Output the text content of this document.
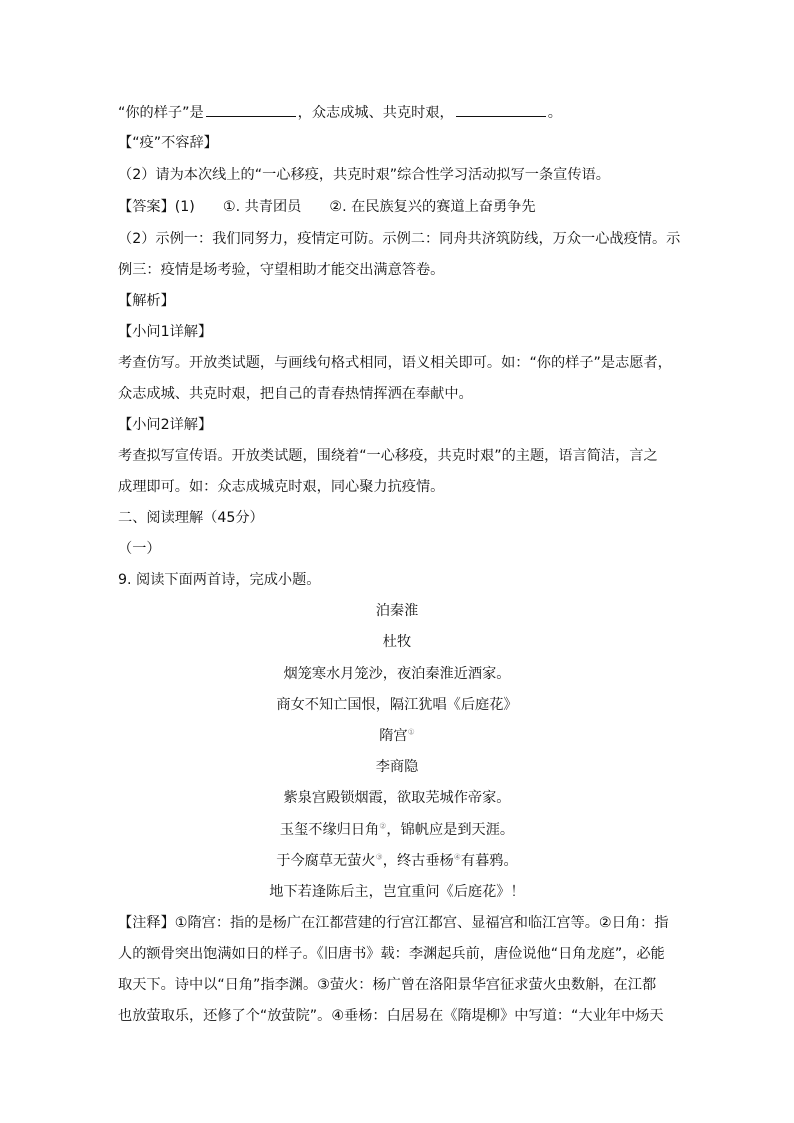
“你的样子”是	，众志成城、共克时艰，	。
【“疫”不容辞】
（2）请为本次线上的“一心移疫，共克时艰”综合性学习活动拟写一条宣传语。
【答案】(1) ①. 共青团员 ②. 在民族复兴的赛道上奋勇争先
（2）示例一：我们同努力，疫情定可防。示例二：同舟共济筑防线，万众一心战疫情。示
例三：疫情是场考验，守望相助才能交出满意答卷。
【解析】
【小问1详解】
考查仿写。开放类试题，与画线句格式相同，语义相关即可。如：“你的样子”是志愿者，
众志成城、共克时艰，把自己的青春热情挥洒在奉献中。
【小问2详解】
考查拟写宣传语。开放类试题，围绕着“一心移疫，共克时艰”的主题，语言简洁，言之
成理即可。如：众志成城克时艰，同心聚力抗疫情。
二、阅读理解（45分）
（一）
9. 阅读下面两首诗，完成小题。
泊秦淮
杜牧
烟笼寒水月笼沙，夜泊秦淮近酒家。
商女不知亡国恨，隔江犹唱《后庭花》
隋宫①
李商隐
紫泉宫殿锁烟霞，欲取芜城作帝家。
玉玺不缘归日角②，锦帆应是到天涯。
于今腐草无萤火③，终古垂杨④有暮鸦。
地下若逢陈后主，岂宜重问《后庭花》！
【注释】①隋宫：指的是杨广在江都营建的行宫江都宫、显福宫和临江宫等。②日角：指
人的额骨突出饱满如日的样子。《旧唐书》载：李渊起兵前，唐俭说他“日角龙庭”，必能
取天下。诗中以“日角”指李渊。③萤火：杨广曾在洛阳景华宫征求萤火虫数斛，在江都
也放萤取乐，还修了个“放萤院”。④垂杨：白居易在《隋堤柳》中写道：“大业年中炀天
